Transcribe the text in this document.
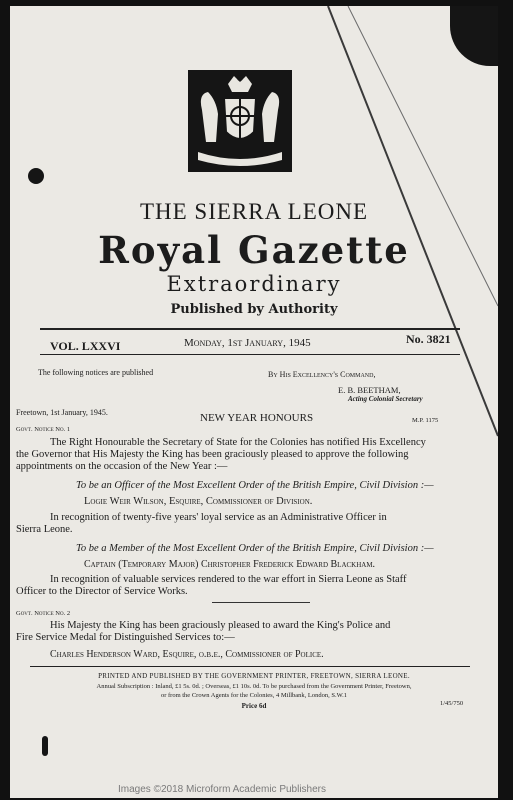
THE SIERRA LEONE
Royal Gazette
Extraordinary
Published by Authority
VOL. LXXVI	Monday, 1st January, 1945	No. 3821
The following notices are published	By His Excellency's Command,
E. B. BEETHAM,
Acting Colonial Secretary
Freetown, 1st January, 1945.	NEW YEAR HONOURS	M.P. 1175
Govt. Notice No. 1
The Right Honourable the Secretary of State for the Colonies has notified His Excellency
the Governor that His Majesty the King has been graciously pleased to approve the following
appointments on the occasion of the New Year :—
To be an Officer of the Most Excellent Order of the British Empire, Civil Division :—
Logie Weir Wilson, Esquire, Commissioner of Division.
In recognition of twenty-five years' loyal service as an Administrative Officer in
Sierra Leone.
To be a Member of the Most Excellent Order of the British Empire, Civil Division :—
Captain (Temporary Major) Christopher Frederick Edward Blackham.
In recognition of valuable services rendered to the war effort in Sierra Leone as Staff
Officer to the Director of Service Works.
Govt. Notice No. 2
His Majesty the King has been graciously pleased to award the King's Police and
Fire Service Medal for Distinguished Services to:—
Charles Henderson Ward, Esquire, o.b.e., Commissioner of Police.
PRINTED AND PUBLISHED BY THE GOVERNMENT PRINTER, FREETOWN, SIERRA LEONE.
Annual Subscription : Inland, £1 5s. 0d. ; Overseas, £1 10s. 0d. To be purchased from the Government Printer, Freetown,
or from the Crown Agents for the Colonies, 4 Millbank, London, S.W.1
Price 6d	1/45/750
Images ©2018 Microform Academic Publishers
